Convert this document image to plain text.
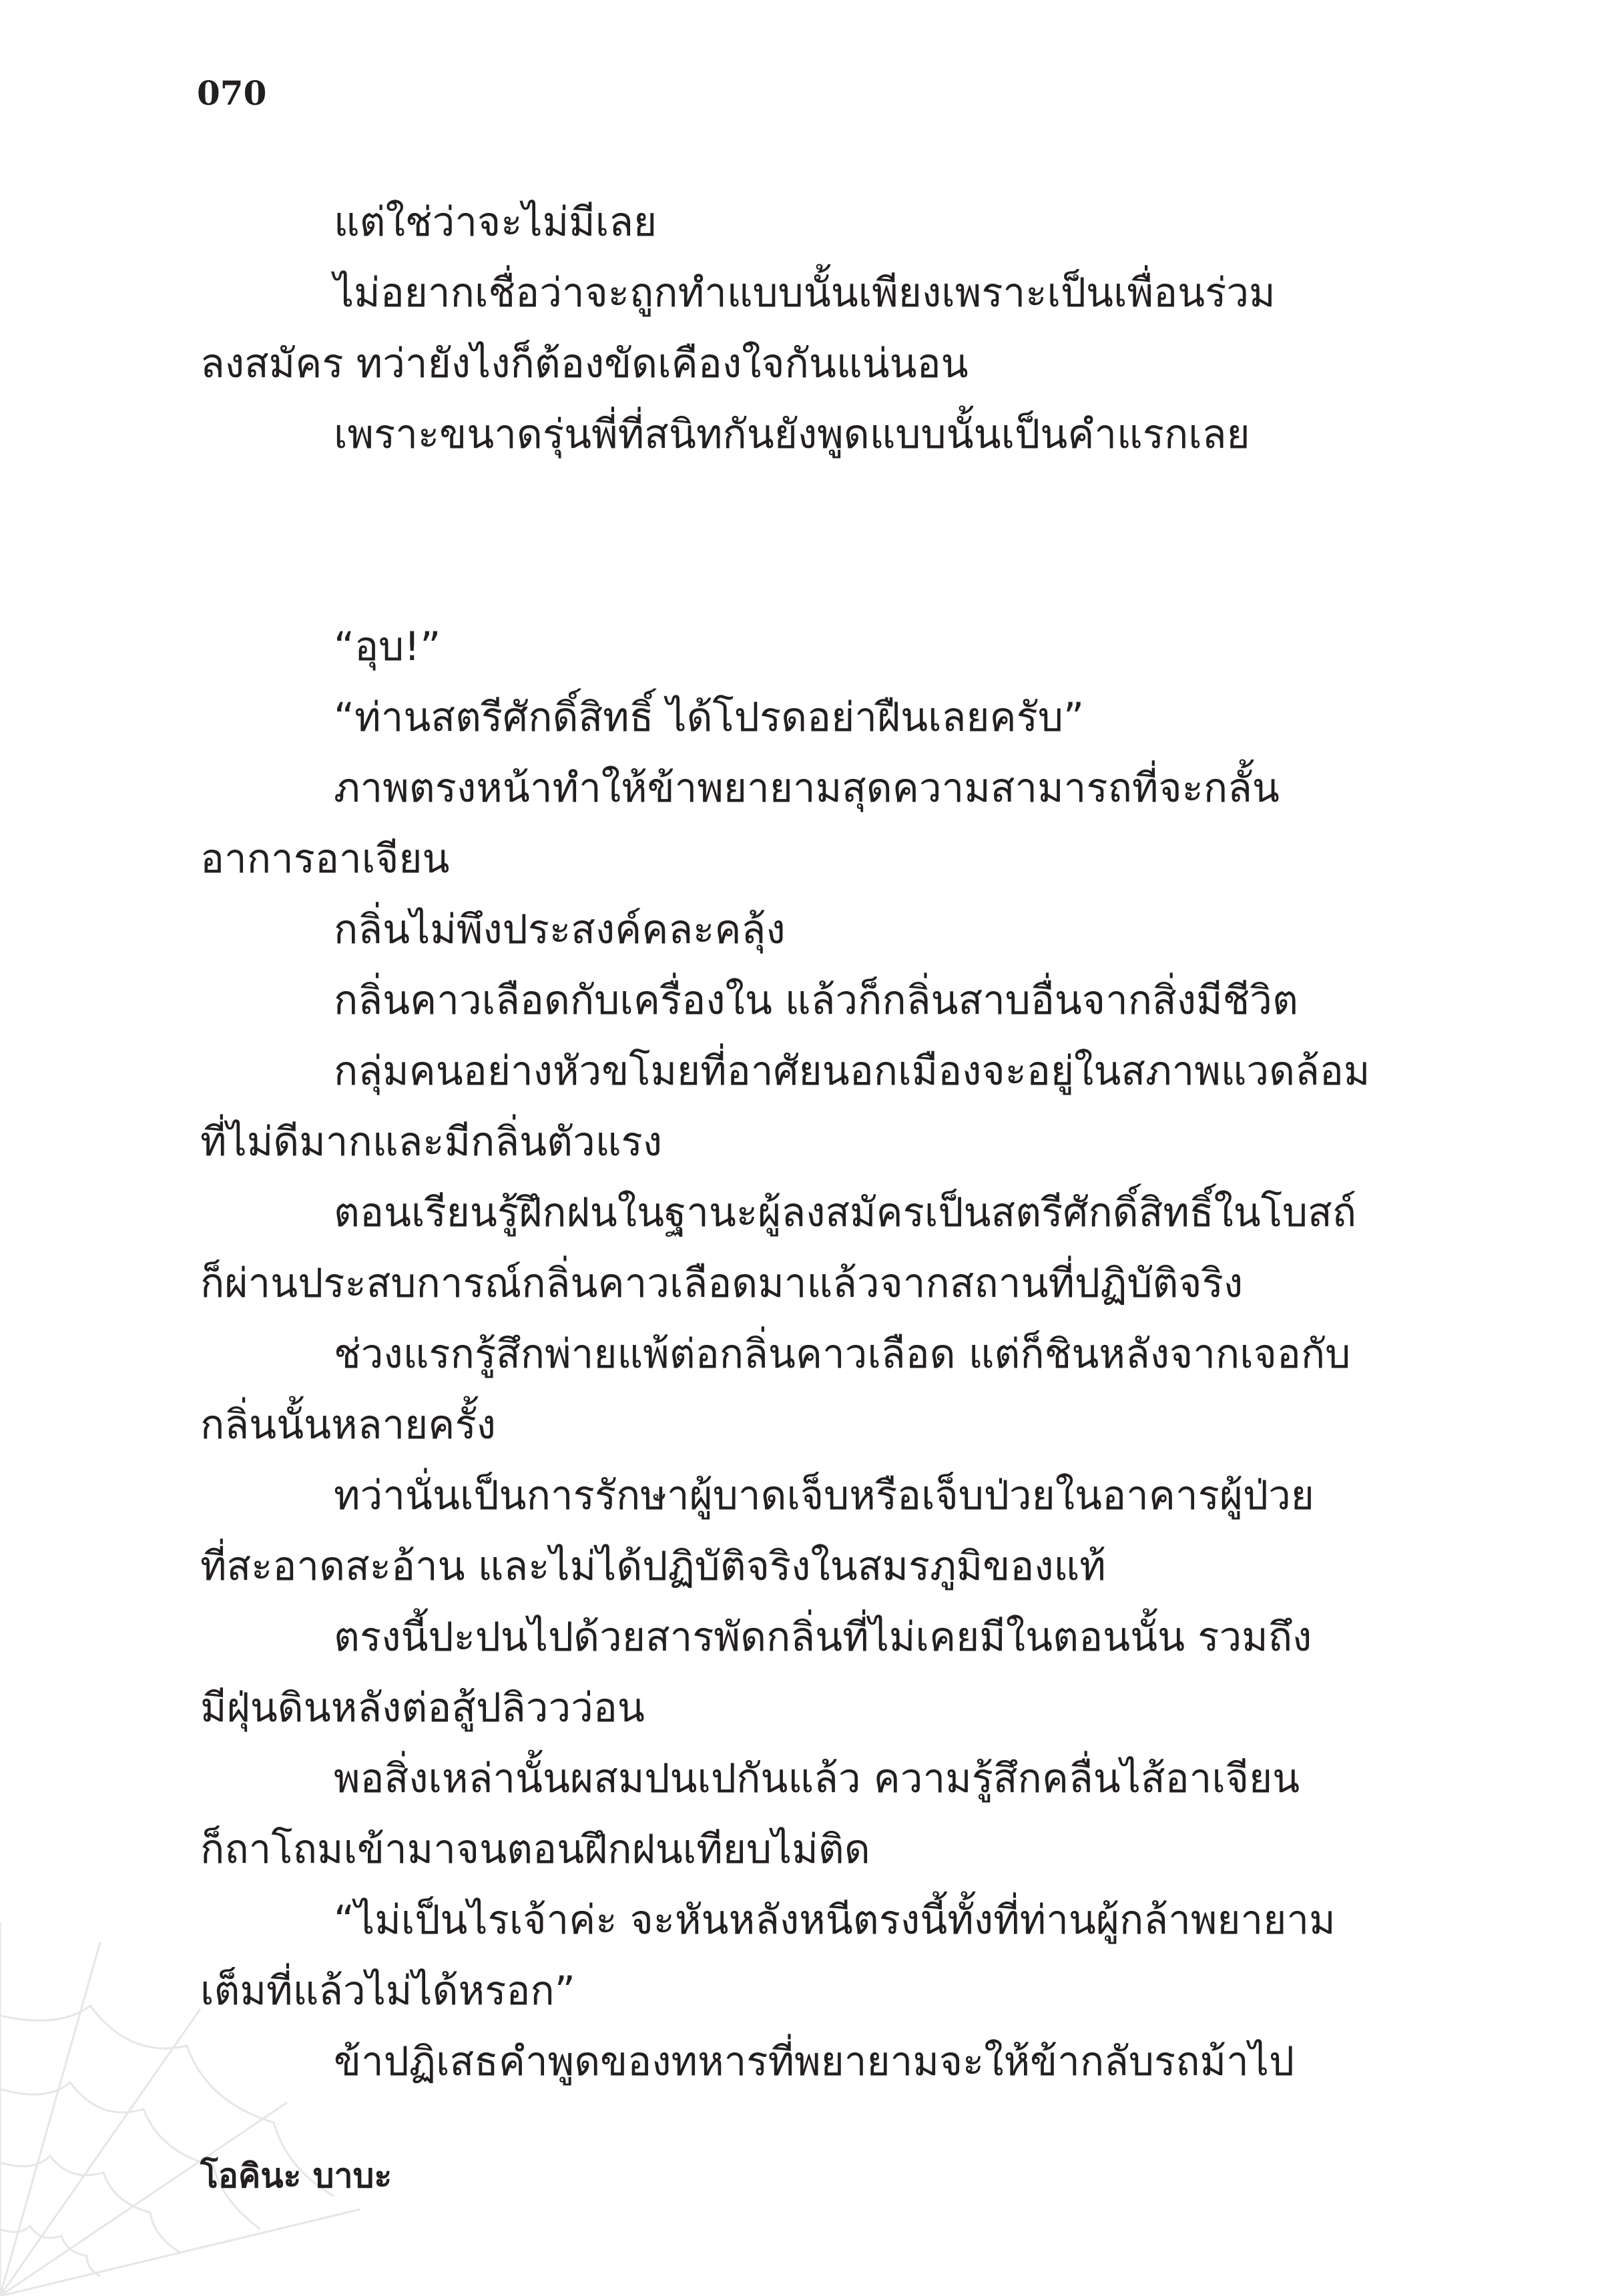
070
แต่ใช่ว่าจะไม่มีเลย
ไม่อยากเชื่อว่าจะถูกทำแบบนั้นเพียงเพราะเป็นเพื่อนร่วม
ลงสมัคร ทว่ายังไงก็ต้องขัดเคืองใจกันแน่นอน
เพราะขนาดรุ่นพี่ที่สนิทกันยังพูดแบบนั้นเป็นคำแรกเลย
“อุบ!”
“ท่านสตรีศักดิ์สิทธิ์ ได้โปรดอย่าฝืนเลยครับ”
ภาพตรงหน้าทำให้ข้าพยายามสุดความสามารถที่จะกลั้น
อาการอาเจียน
กลิ่นไม่พึงประสงค์คละคลุ้ง
กลิ่นคาวเลือดกับเครื่องใน แล้วก็กลิ่นสาบอื่นจากสิ่งมีชีวิต
กลุ่มคนอย่างหัวขโมยที่อาศัยนอกเมืองจะอยู่ในสภาพแวดล้อม
ที่ไม่ดีมากและมีกลิ่นตัวแรง
ตอนเรียนรู้ฝึกฝนในฐานะผู้ลงสมัครเป็นสตรีศักดิ์สิทธิ์ในโบสถ์
ก็ผ่านประสบการณ์กลิ่นคาวเลือดมาแล้วจากสถานที่ปฏิบัติจริง
ช่วงแรกรู้สึกพ่ายแพ้ต่อกลิ่นคาวเลือด แต่ก็ชินหลังจากเจอกับ
กลิ่นนั้นหลายครั้ง
ทว่านั่นเป็นการรักษาผู้บาดเจ็บหรือเจ็บป่วยในอาคารผู้ป่วย
ที่สะอาดสะอ้าน และไม่ได้ปฏิบัติจริงในสมรภูมิของแท้
ตรงนี้ปะปนไปด้วยสารพัดกลิ่นที่ไม่เคยมีในตอนนั้น รวมถึง
มีฝุ่นดินหลังต่อสู้ปลิววว่อน
พอสิ่งเหล่านั้นผสมปนเปกันแล้ว ความรู้สึกคลื่นไส้อาเจียน
ก็ถาโถมเข้ามาจนตอนฝึกฝนเทียบไม่ติด
“ไม่เป็นไรเจ้าค่ะ จะหันหลังหนีตรงนี้ทั้งที่ท่านผู้กล้าพยายาม
เต็มที่แล้วไม่ได้หรอก”
ข้าปฏิเสธคำพูดของทหารที่พยายามจะให้ข้ากลับรถม้าไป
โอคินะ บาบะ
